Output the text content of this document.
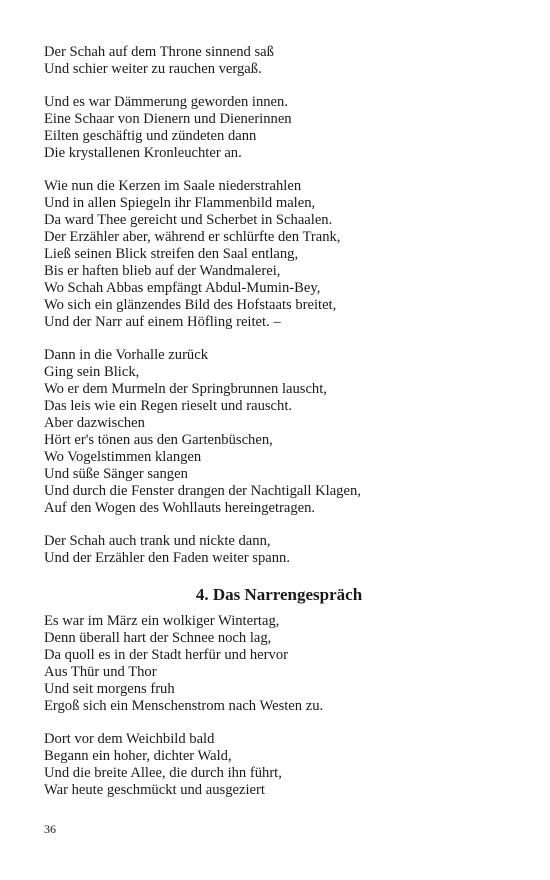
Der Schah auf dem Throne sinnend saß
Und schier weiter zu rauchen vergaß.
Und es war Dämmerung geworden innen.
Eine Schaar von Dienern und Dienerinnen
Eilten geschäftig und zündeten dann
Die krystallenen Kronleuchter an.
Wie nun die Kerzen im Saale niederstrahlen
Und in allen Spiegeln ihr Flammenbild malen,
Da ward Thee gereicht und Scherbet in Schaalen.
Der Erzähler aber, während er schlürfte den Trank,
Ließ seinen Blick streifen den Saal entlang,
Bis er haften blieb auf der Wandmalerei,
Wo Schah Abbas empfängt Abdul-Mumin-Bey,
Wo sich ein glänzendes Bild des Hofstaats breitet,
Und der Narr auf einem Höfling reitet. –
Dann in die Vorhalle zurück
Ging sein Blick,
Wo er dem Murmeln der Springbrunnen lauscht,
Das leis wie ein Regen rieselt und rauscht.
Aber dazwischen
Hört er's tönen aus den Gartenbüschen,
Wo Vogelstimmen klangen
Und süße Sänger sangen
Und durch die Fenster drangen der Nachtigall Klagen,
Auf den Wogen des Wohllauts hereingetragen.
Der Schah auch trank und nickte dann,
Und der Erzähler den Faden weiter spann.
4. Das Narrengespräch
Es war im März ein wolkiger Wintertag,
Denn überall hart der Schnee noch lag,
Da quoll es in der Stadt herfür und hervor
Aus Thür und Thor
Und seit morgens fruh
Ergoß sich ein Menschenstrom nach Westen zu.
Dort vor dem Weichbild bald
Begann ein hoher, dichter Wald,
Und die breite Allee, die durch ihn führt,
War heute geschmückt und ausgeziert
36
